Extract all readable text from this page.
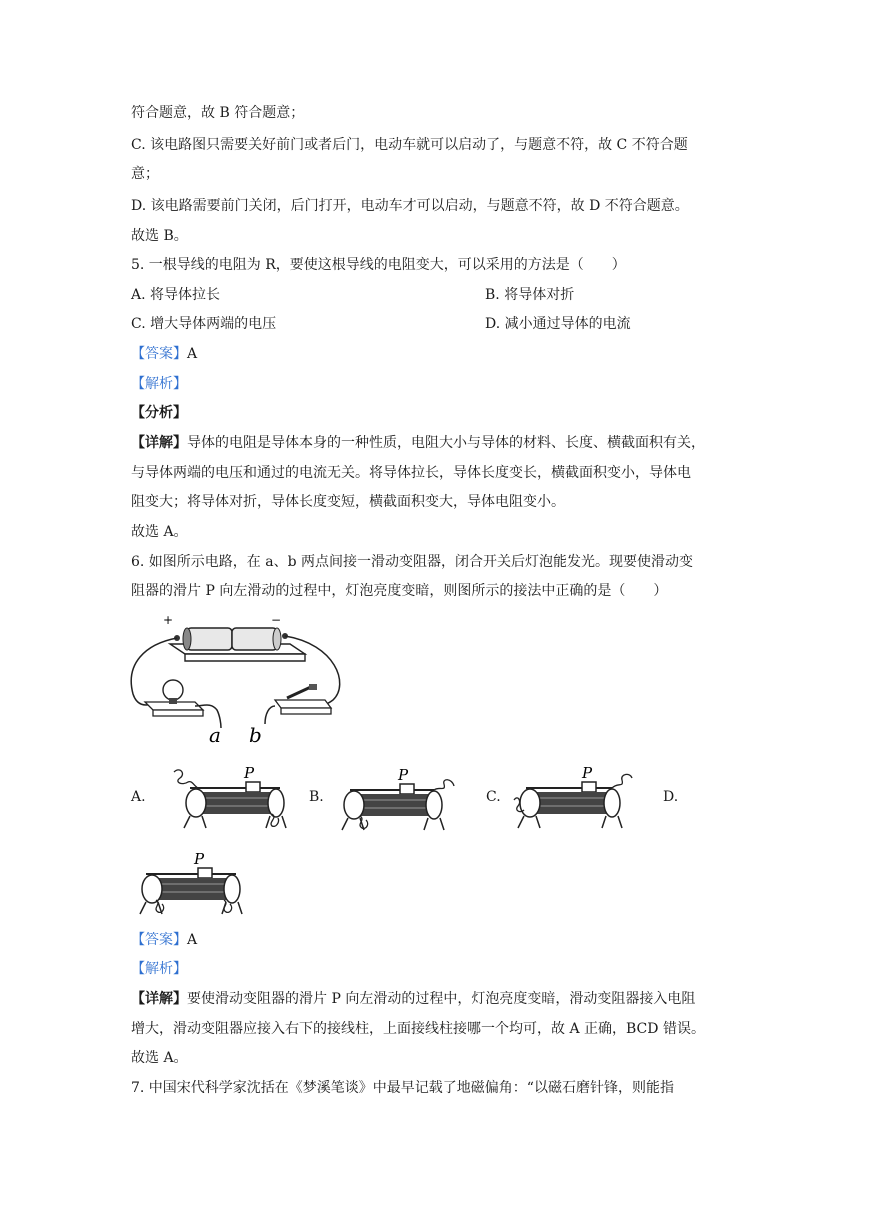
符合题意，故 B 符合题意；
C. 该电路图只需要关好前门或者后门，电动车就可以启动了，与题意不符，故 C 不符合题
意；
D. 该电路需要前门关闭，后门打开，电动车才可以启动，与题意不符，故 D 不符合题意。
故选 B。
5. 一根导线的电阻为 R，要使这根导线的电阻变大，可以采用的方法是（　　）
A. 将导体拉长	B. 将导体对折
C. 增大导体两端的电压	D. 减小通过导体的电流
【答案】A
【解析】
【分析】
【详解】导体的电阻是导体本身的一种性质，电阻大小与导体的材料、长度、横截面积有关，
与导体两端的电压和通过的电流无关。将导体拉长，导体长度变长，横截面积变小，导体电
阻变大；将导体对折，导体长度变短，横截面积变大，导体电阻变小。
故选 A。
6. 如图所示电路，在 a、b 两点间接一滑动变阻器，闭合开关后灯泡能发光。现要使滑动变
阻器的滑片 P 向左滑动的过程中，灯泡亮度变暗，则图所示的接法中正确的是（　　）
+	−
a b
A.	B.	C.	D.
P	P	P
P
【答案】A
【解析】
【详解】要使滑动变阻器的滑片 P 向左滑动的过程中，灯泡亮度变暗，滑动变阻器接入电阻
增大，滑动变阻器应接入右下的接线柱，上面接线柱接哪一个均可，故 A 正确，BCD 错误。
故选 A。
7. 中国宋代科学家沈括在《梦溪笔谈》中最早记载了地磁偏角：“以磁石磨针锋，则能指
